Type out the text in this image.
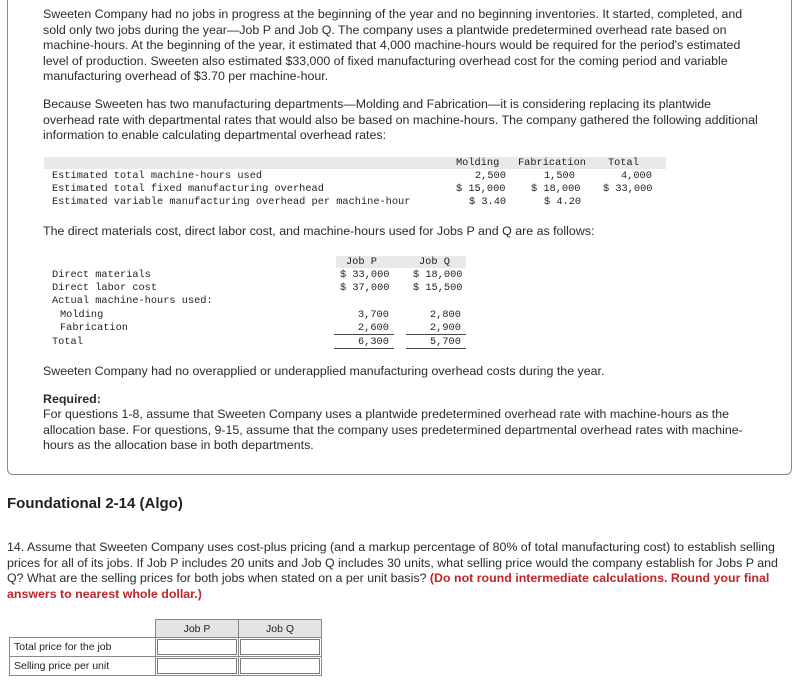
Sweeten Company had no jobs in progress at the beginning of the year and no beginning inventories. It started, completed, and sold only two jobs during the year—Job P and Job Q. The company uses a plantwide predetermined overhead rate based on machine-hours. At the beginning of the year, it estimated that 4,000 machine-hours would be required for the period's estimated level of production. Sweeten also estimated $33,000 of fixed manufacturing overhead cost for the coming period and variable manufacturing overhead of $3.70 per machine-hour.
Because Sweeten has two manufacturing departments—Molding and Fabrication—it is considering replacing its plantwide overhead rate with departmental rates that would also be based on machine-hours. The company gathered the following additional information to enable calculating departmental overhead rates:
Molding Fabrication Total
Estimated total machine-hours used	2,500	1,500	4,000
Estimated total fixed manufacturing overhead	$ 15,000 $ 18,000 $ 33,000
Estimated variable manufacturing overhead per machine-hour	$ 3.40	$ 4.20
The direct materials cost, direct labor cost, and machine-hours used for Jobs P and Q are as follows:
Job P	Job Q
Direct materials	$ 33,000 $ 18,000
Direct labor cost	$ 37,000 $ 15,500
Actual machine-hours used:
Molding	3,700	2,800
Fabrication	2,600	2,900
Total	6,300	5,700
Sweeten Company had no overapplied or underapplied manufacturing overhead costs during the year.
Required:
For questions 1-8, assume that Sweeten Company uses a plantwide predetermined overhead rate with machine-hours as the allocation base. For questions, 9-15, assume that the company uses predetermined departmental overhead rates with machine-hours as the allocation base in both departments.
Foundational 2-14 (Algo)
14. Assume that Sweeten Company uses cost-plus pricing (and a markup percentage of 80% of total manufacturing cost) to establish selling prices for all of its jobs. If Job P includes 20 units and Job Q includes 30 units, what selling price would the company establish for Jobs P and Q? What are the selling prices for both jobs when stated on a per unit basis? (Do not round intermediate calculations. Round your final answers to nearest whole dollar.)
	Job P	Job Q
Total price for the job	

Selling price per unit	
